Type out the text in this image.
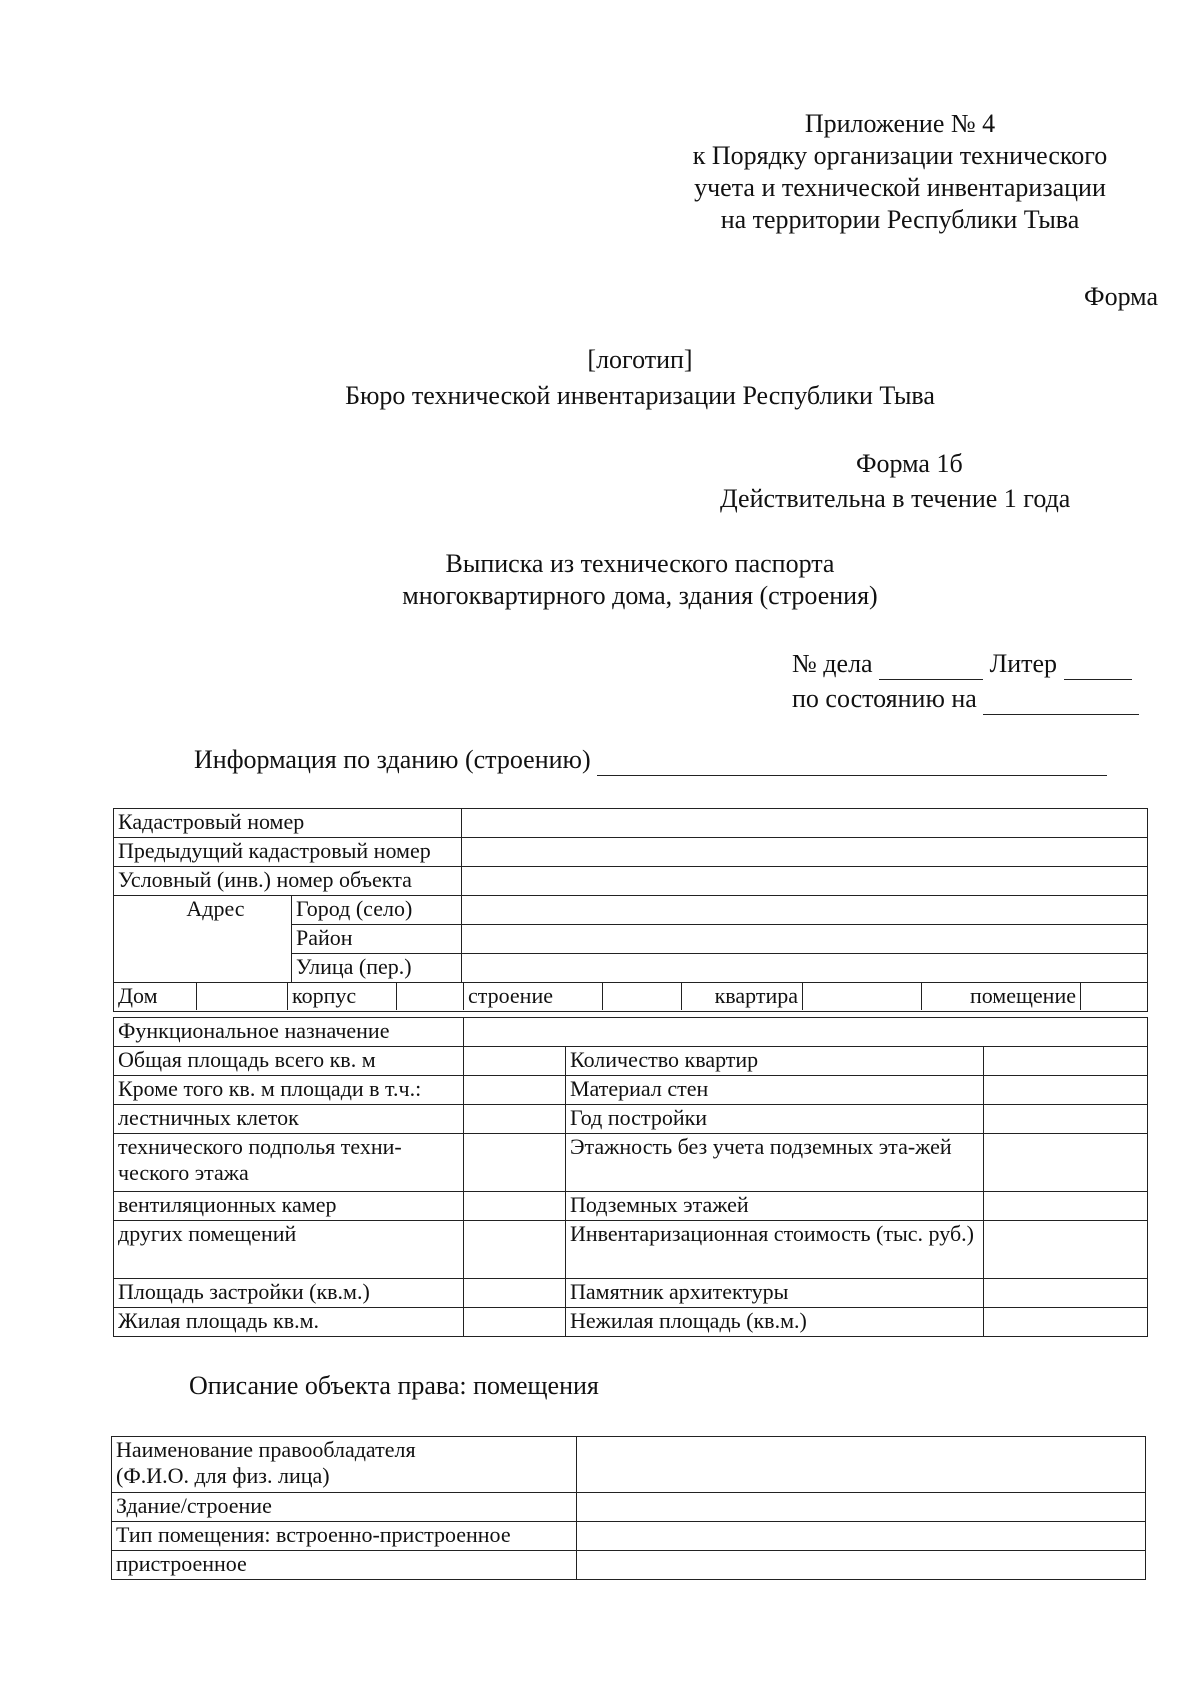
Приложение № 4
к Порядку организации технического
учета и технической инвентаризации
на территории Республики Тыва
Форма
[логотип]
Бюро технической инвентаризации Республики Тыва
Форма 1б
Действительна в течение 1 года
Выписка из технического паспорта
многоквартирного дома, здания (строения)
№ дела	Литер
по состоянию на
Информация по зданию (строению)
Кадастровый номер	
Предыдущий кадастровый номер	
Условный (инв.) номер объекта	
Адрес	Город (село)	
Район	
Улица (пер.)	

Дом		корпус		строение		квартира		помещение	
Функциональное назначение			
Общая площадь всего кв. м		Количество квартир	
Кроме того кв. м площади в т.ч.:		Материал стен	
лестничных клеток		Год постройки	
технического подполья техни-ческого этажа		Этажность без учета подземных эта-жей	
вентиляционных камер		Подземных этажей	
других помещений		Инвентаризационная стоимость (тыс. руб.)	
Площадь застройки (кв.м.)		Памятник архитектуры	
Жилая площадь кв.м.		Нежилая площадь (кв.м.)	
Описание объекта права: помещения
Наименование правообладателя
(Ф.И.О. для физ. лица)	

Здание/строение	
Тип помещения: встроенно-пристроенное	
пристроенное	
